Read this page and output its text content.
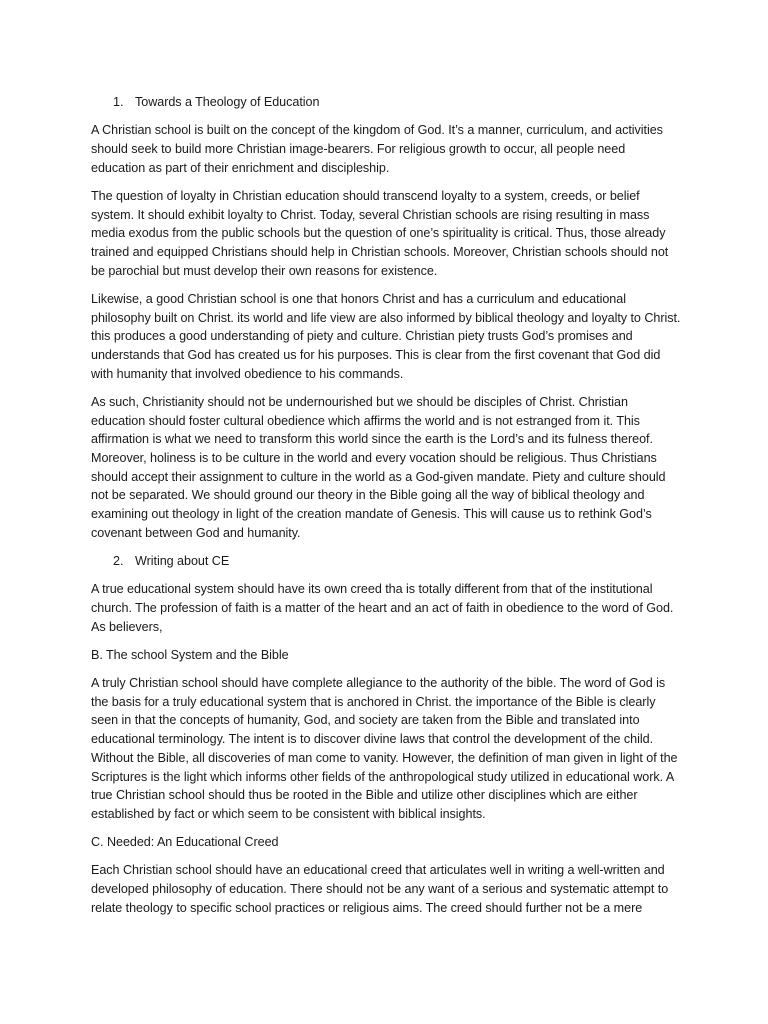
1. Towards a Theology of Education

A Christian school is built on the concept of the kingdom of God. It’s a manner, curriculum, and activities should seek to build more Christian image-bearers. For religious growth to occur, all people need education as part of their enrichment and discipleship.

The question of loyalty in Christian education should transcend loyalty to a system, creeds, or belief system. It should exhibit loyalty to Christ. Today, several Christian schools are rising resulting in mass media exodus from the public schools but the question of one’s spirituality is critical. Thus, those already trained and equipped Christians should help in Christian schools. Moreover, Christian schools should not be parochial but must develop their own reasons for existence.

Likewise, a good Christian school is one that honors Christ and has a curriculum and educational philosophy built on Christ. its world and life view are also informed by biblical theology and loyalty to Christ. this produces a good understanding of piety and culture. Christian piety trusts God’s promises and understands that God has created us for his purposes. This is clear from the first covenant that God did with humanity that involved obedience to his commands.

As such, Christianity should not be undernourished but we should be disciples of Christ. Christian education should foster cultural obedience which affirms the world and is not estranged from it. This affirmation is what we need to transform this world since the earth is the Lord’s and its fulness thereof. Moreover, holiness is to be culture in the world and every vocation should be religious. Thus Christians should accept their assignment to culture in the world as a God-given mandate. Piety and culture should not be separated. We should ground our theory in the Bible going all the way of biblical theology and examining out theology in light of the creation mandate of Genesis. This will cause us to rethink God’s covenant between God and humanity.

2. Writing about CE

A true educational system should have its own creed tha is totally different from that of the institutional church. The profession of faith is a matter of the heart and an act of faith in obedience to the word of God. As believers,

B. The school System and the Bible

A truly Christian school should have complete allegiance to the authority of the bible. The word of God is the basis for a truly educational system that is anchored in Christ. the importance of the Bible is clearly seen in that the concepts of humanity, God, and society are taken from the Bible and translated into educational terminology. The intent is to discover divine laws that control the development of the child. Without the Bible, all discoveries of man come to vanity. However, the definition of man given in light of the Scriptures is the light which informs other fields of the anthropological study utilized in educational work. A true Christian school should thus be rooted in the Bible and utilize other disciplines which are either established by fact or which seem to be consistent with biblical insights.

C. Needed: An Educational Creed

Each Christian school should have an educational creed that articulates well in writing a well-written and developed philosophy of education. There should not be any want of a serious and systematic attempt to relate theology to specific school practices or religious aims. The creed should further not be a mere
